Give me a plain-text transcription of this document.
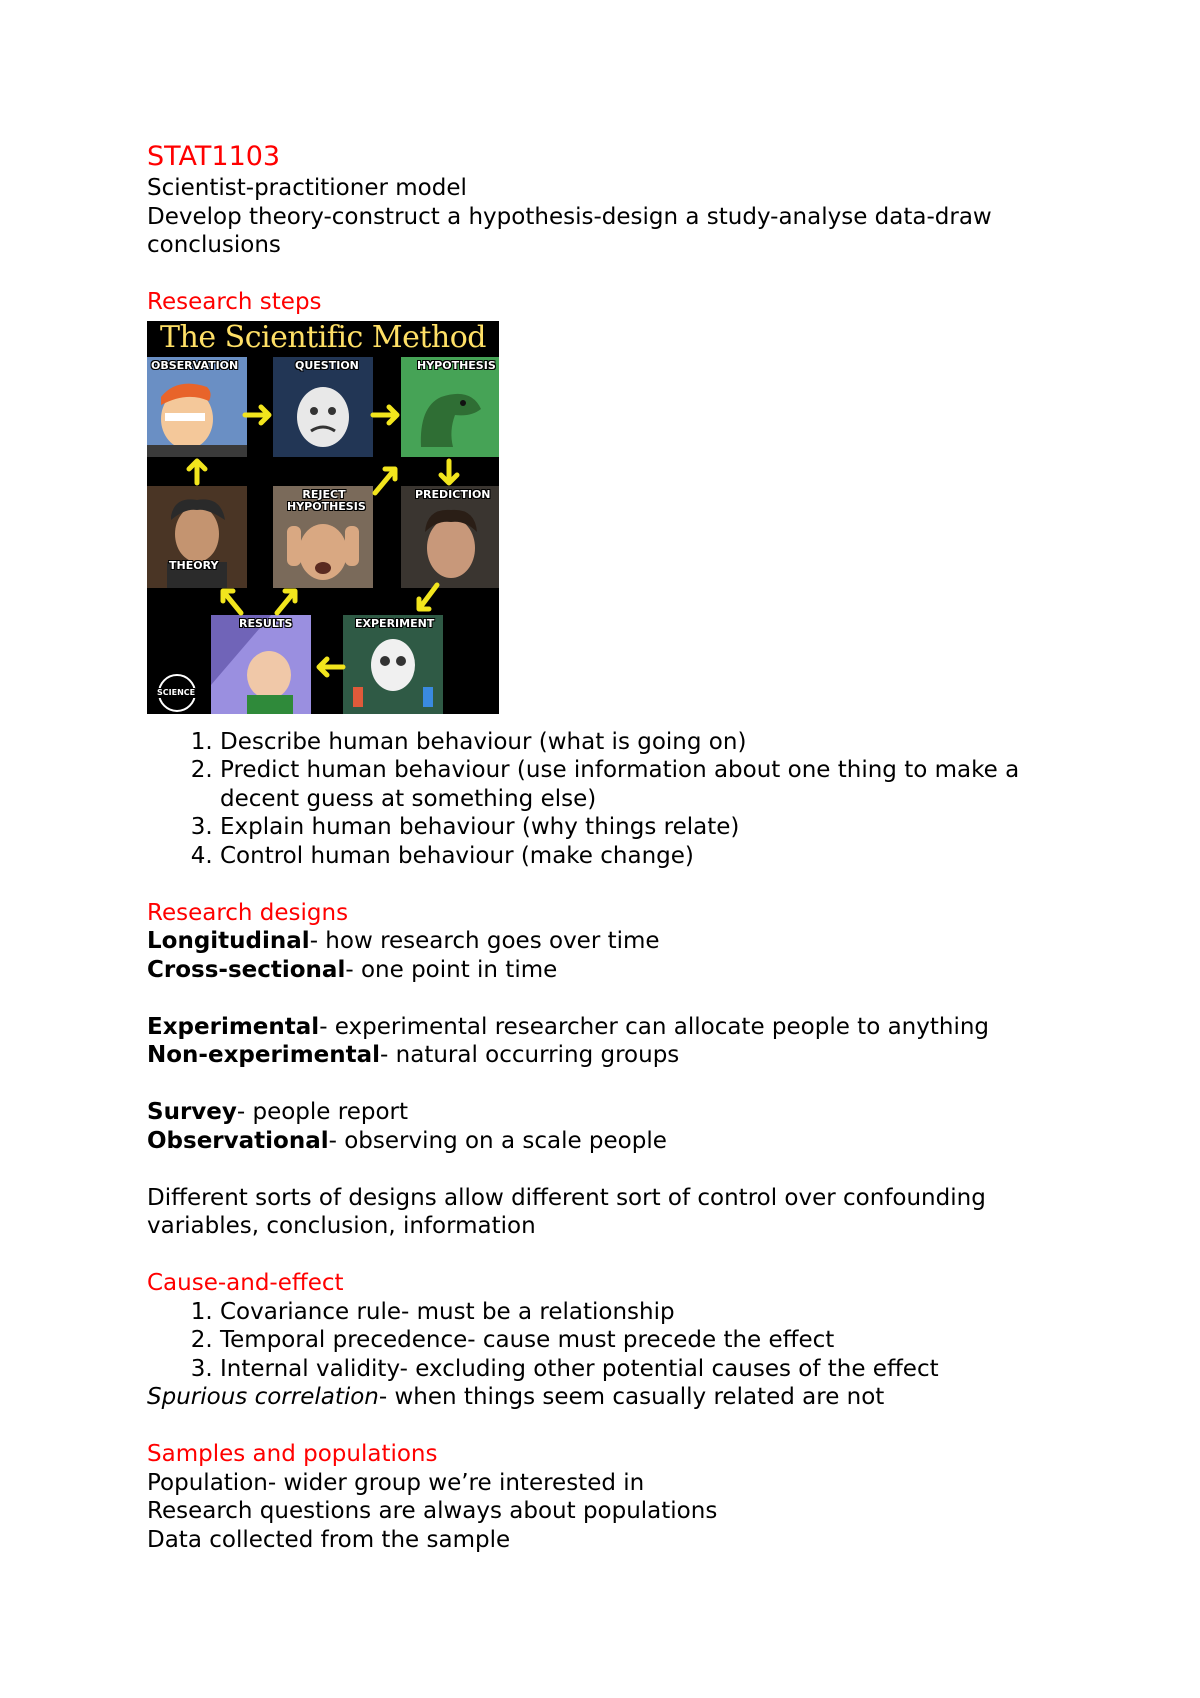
STAT1103

Scientist-practitioner model

Develop theory-construct a hypothesis-design a study-analyse data-draw

conclusions

Research steps

The Scientific Method
OBSERVATION	QUESTION	HYPOTHESIS
THEORY
REJECT HYPOTHESIS
PREDICTION
RESULTS	EXPERIMENT
SCIENCE
1. Describe human behaviour (what is going on)
2. Predict human behaviour (use information about one thing to make a decent guess at something else)
3. Explain human behaviour (why things relate)
4. Control human behaviour (make change)

Research designs

Longitudinal- how research goes over time

Cross-sectional- one point in time

Experimental- experimental researcher can allocate people to anything

Non-experimental- natural occurring groups

Survey- people report

Observational- observing on a scale people

Different sorts of designs allow different sort of control over confounding

variables, conclusion, information

Cause-and-effect

1. Covariance rule- must be a relationship
2. Temporal precedence- cause must precede the effect
3. Internal validity- excluding other potential causes of the effect

Spurious correlation- when things seem casually related are not

Samples and populations

Population- wider group we’re interested in

Research questions are always about populations

Data collected from the sample
